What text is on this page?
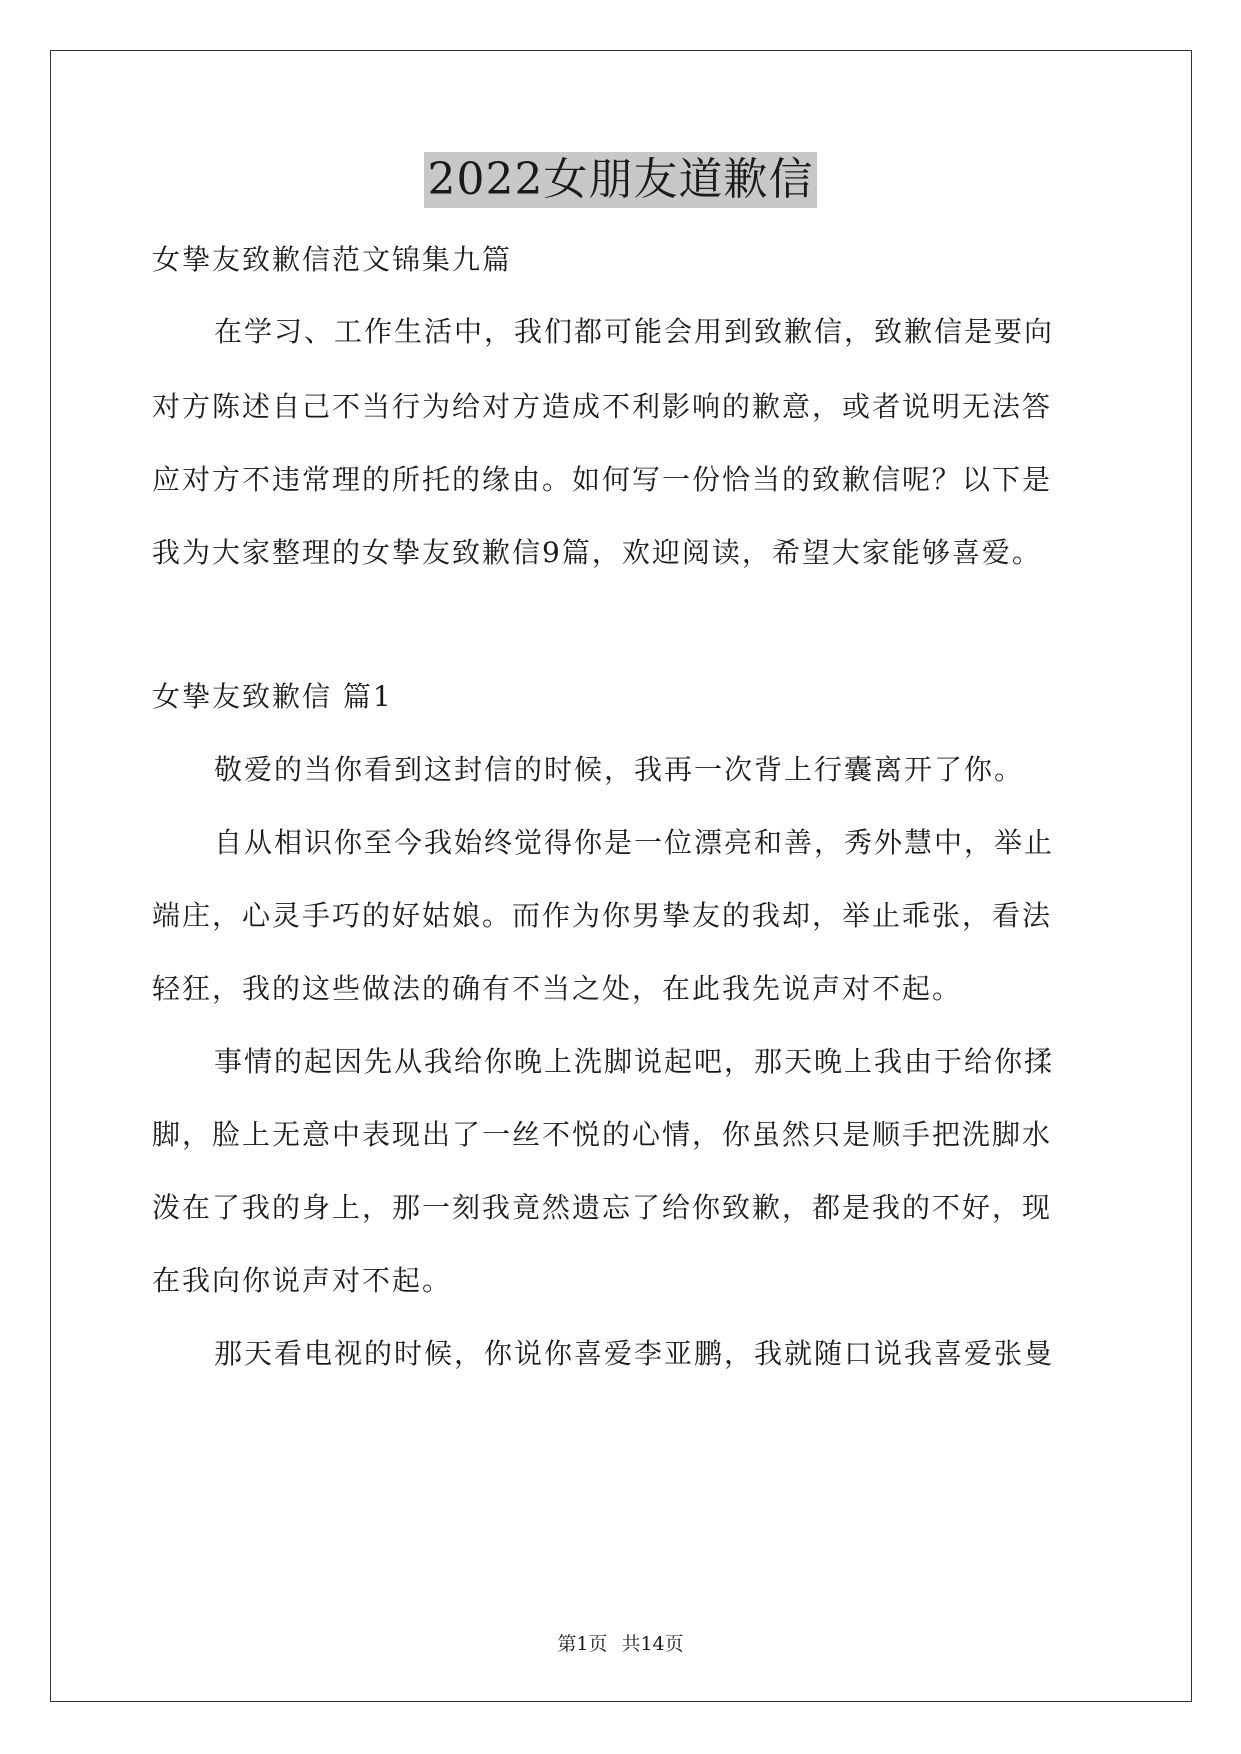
2022女朋友道歉信
女挚友致歉信范文锦集九篇
在学习、工作生活中，我们都可能会用到致歉信，致歉信是要向
对方陈述自己不当行为给对方造成不利影响的歉意，或者说明无法答
应对方不违常理的所托的缘由。如何写一份恰当的致歉信呢？以下是
我为大家整理的女挚友致歉信9篇，欢迎阅读，希望大家能够喜爱。
女挚友致歉信 篇1
敬爱的当你看到这封信的时候，我再一次背上行囊离开了你。
自从相识你至今我始终觉得你是一位漂亮和善，秀外慧中，举止
端庄，心灵手巧的好姑娘。而作为你男挚友的我却，举止乖张，看法
轻狂，我的这些做法的确有不当之处，在此我先说声对不起。
事情的起因先从我给你晚上洗脚说起吧，那天晚上我由于给你揉
脚，脸上无意中表现出了一丝不悦的心情，你虽然只是顺手把洗脚水
泼在了我的身上，那一刻我竟然遗忘了给你致歉，都是我的不好，现
在我向你说声对不起。
那天看电视的时候，你说你喜爱李亚鹏，我就随口说我喜爱张曼
第1页 共14页
